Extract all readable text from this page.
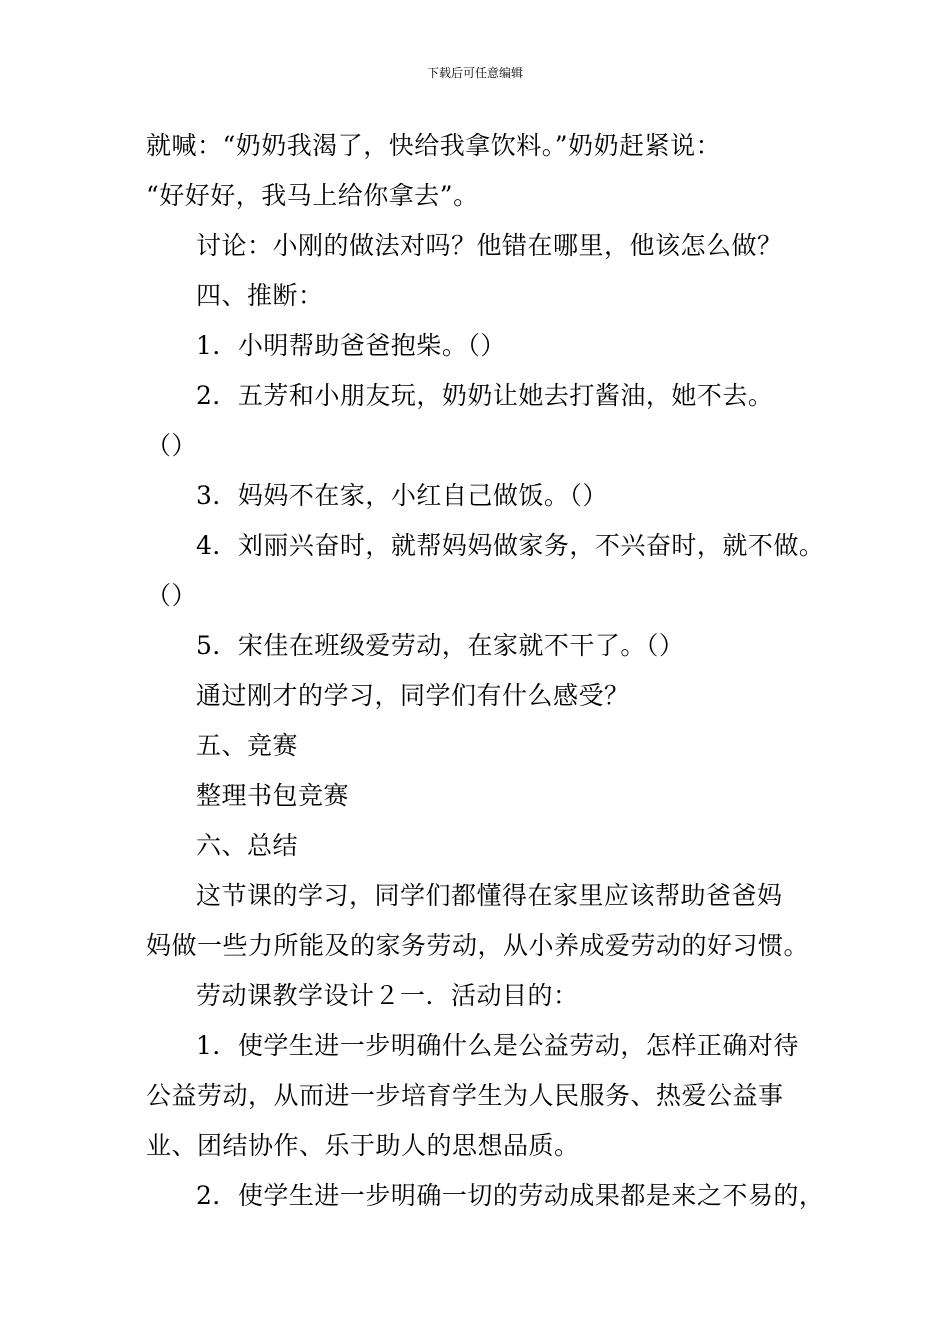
下载后可任意编辑
就喊：“奶奶我渴了，快给我拿饮料。”奶奶赶紧说：
“好好好，我马上给你拿去”。
讨论：小刚的做法对吗？他错在哪里，他该怎么做？
四、推断：
1．小明帮助爸爸抱柴。（）
2．五芳和小朋友玩，奶奶让她去打酱油，她不去。
（）
3．妈妈不在家，小红自己做饭。（）
4．刘丽兴奋时，就帮妈妈做家务，不兴奋时，就不做。
（）
5．宋佳在班级爱劳动，在家就不干了。（）
通过刚才的学习，同学们有什么感受？
五、竞赛
整理书包竞赛
六、总结
这节课的学习，同学们都懂得在家里应该帮助爸爸妈
妈做一些力所能及的家务劳动，从小养成爱劳动的好习惯。
劳动课教学设计２一．活动目的：
1．使学生进一步明确什么是公益劳动，怎样正确对待
公益劳动，从而进一步培育学生为人民服务、热爱公益事
业、团结协作、乐于助人的思想品质。
2．使学生进一步明确一切的劳动成果都是来之不易的，
